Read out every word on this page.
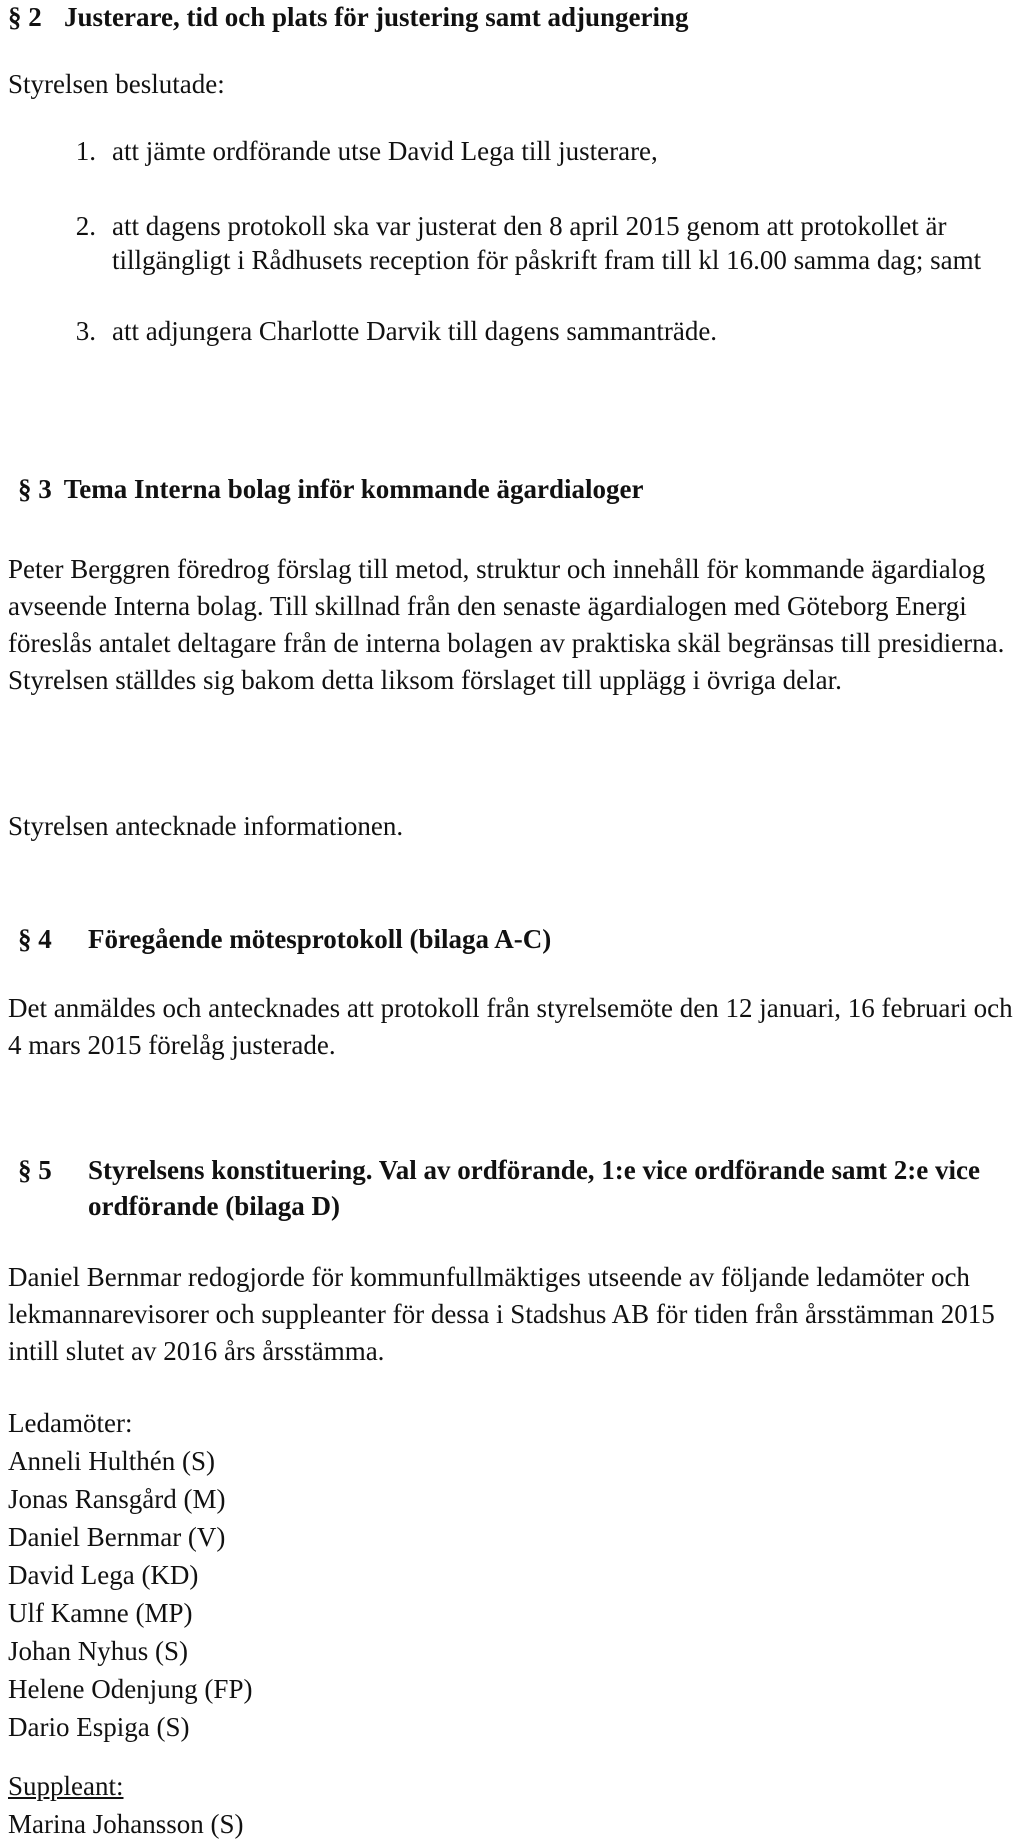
§ 2 Justerare, tid och plats för justering samt adjungering

Styrelsen beslutade:

1. att jämte ordförande utse David Lega till justerare,
2. att dagens protokoll ska var justerat den 8 april 2015 genom att protokollet är tillgängligt i Rådhusets reception för påskrift fram till kl 16.00 samma dag; samt
3. att adjungera Charlotte Darvik till dagens sammanträde.
§ 3 Tema Interna bolag inför kommande ägardialoger

Peter Berggren föredrog förslag till metod, struktur och innehåll för kommande ägardialog avseende Interna bolag. Till skillnad från den senaste ägardialogen med Göteborg Energi föreslås antalet deltagare från de interna bolagen av praktiska skäl begränsas till presidierna. Styrelsen ställdes sig bakom detta liksom förslaget till upplägg i övriga delar.

Styrelsen antecknade informationen.

§ 4	Föregående mötesprotokoll (bilaga A-C)

Det anmäldes och antecknades att protokoll från styrelsemöte den 12 januari, 16 februari och 4 mars 2015 förelåg justerade.

§ 5	Styrelsens konstituering. Val av ordförande, 1:e vice ordförande samt 2:e vice ordförande (bilaga D)

Daniel Bernmar redogjorde för kommunfullmäktiges utseende av följande ledamöter och lekmannarevisorer och suppleanter för dessa i Stadshus AB för tiden från årsstämman 2015 intill slutet av 2016 års årsstämma.

Ledamöter:
Anneli Hulthén (S)
Jonas Ransgård (M)
Daniel Bernmar (V)
David Lega (KD)
Ulf Kamne (MP)
Johan Nyhus (S)
Helene Odenjung (FP)
Dario Espiga (S)
Suppleant:
Marina Johansson (S)
